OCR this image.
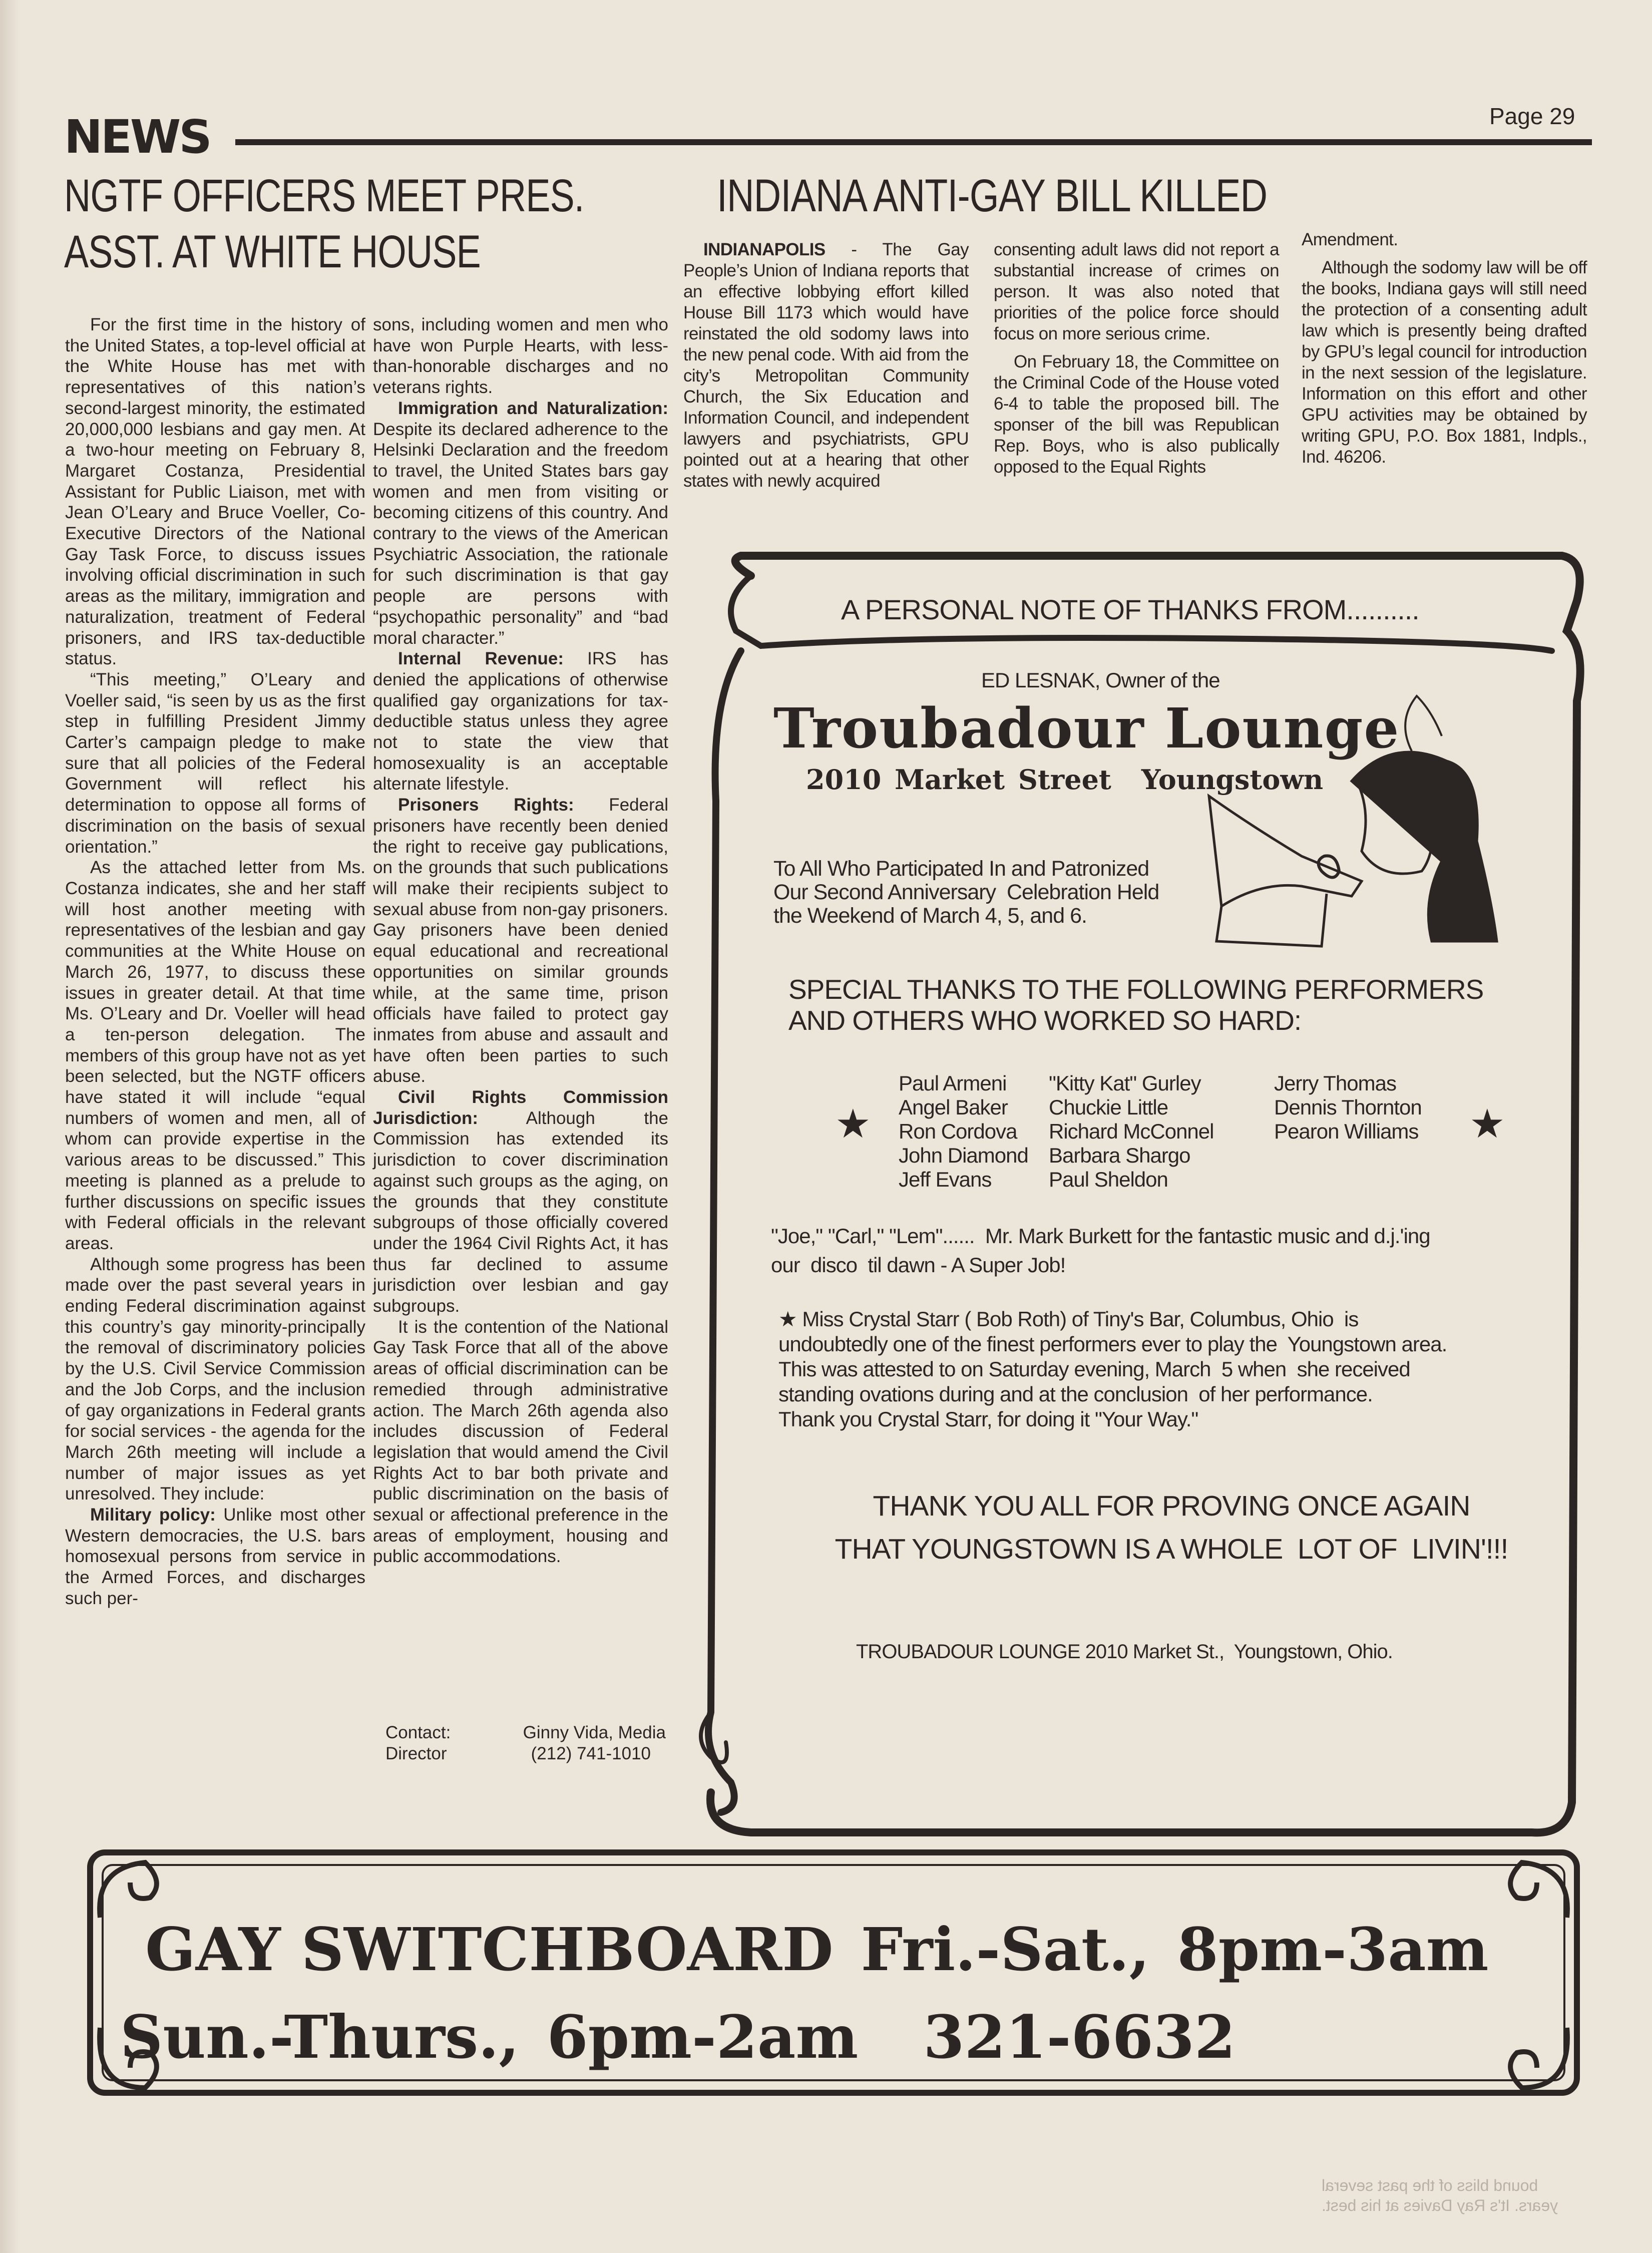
Page 29
NEWS
NGTF OFFICERS MEET PRES.
ASST. AT WHITE HOUSE
INDIANA ANTI-GAY BILL KILLED

For the first time in the history of the United States, a top-level official at the White House has met with representatives of this nation’s second-largest minority, the estimated 20,000,000 lesbians and gay men. At a two-hour meeting on February 8, Margaret Costanza, Presidential Assistant for Public Liaison, met with Jean O’Leary and Bruce Voeller, Co-Executive Directors of the National Gay Task Force, to discuss issues involving official discrimination in such areas as the military, immigration and naturalization, treatment of Federal prisoners, and IRS tax-deductible status.

“This meeting,” O’Leary and Voeller said, “is seen by us as the first step in fulfilling President Jimmy Carter’s campaign pledge to make sure that all policies of the Federal Government will reflect his determination to oppose all forms of discrimination on the basis of sexual orientation.”

As the attached letter from Ms. Costanza indicates, she and her staff will host another meeting with representatives of the lesbian and gay communities at the White House on March 26, 1977, to discuss these issues in greater detail. At that time Ms. O’Leary and Dr. Voeller will head a ten-person delegation. The members of this group have not as yet been selected, but the NGTF officers have stated it will include “equal numbers of women and men, all of whom can provide expertise in the various areas to be discussed.” This meeting is planned as a prelude to further discussions on specific issues with Federal officials in the relevant areas.

Although some progress has been made over the past several years in ending Federal discrimination against this country’s gay minority-principally the removal of discriminatory policies by the U.S. Civil Service Commission and the Job Corps, and the inclusion of gay organizations in Federal grants for social services - the agenda for the March 26th meeting will include a number of major issues as yet unresolved. They include:

Military policy: Unlike most other Western democracies, the U.S. bars homosexual persons from service in the Armed Forces, and discharges such per-

sons, including women and men who have won Purple Hearts, with less-than-honorable discharges and no veterans rights.

Immigration and Naturalization: Despite its declared adherence to the Helsinki Declaration and the freedom to travel, the United States bars gay women and men from visiting or becoming citizens of this country. And contrary to the views of the American Psychiatric Association, the rationale for such discrimination is that gay people are persons with “psychopathic personality” and “bad moral character.”

Internal Revenue: IRS has denied the applications of otherwise qualified gay organizations for tax-deductible status unless they agree not to state the view that homosexuality is an acceptable alternate lifestyle.

Prisoners Rights: Federal prisoners have recently been denied the right to receive gay publications, on the grounds that such publications will make their recipients subject to sexual abuse from non-gay prisoners. Gay prisoners have been denied equal educational and recreational opportunities on similar grounds while, at the same time, prison officials have failed to protect gay inmates from abuse and assault and have often been parties to such abuse.

Civil Rights Commission Jurisdiction: Although the Commission has extended its jurisdiction to cover discrimination against such groups as the aging, on the grounds that they constitute subgroups of those officially covered under the 1964 Civil Rights Act, it has thus far declined to assume jurisdiction over lesbian and gay subgroups.

It is the contention of the National Gay Task Force that all of the above areas of official discrimination can be remedied through administrative action. The March 26th agenda also includes discussion of Federal legislation that would amend the Civil Rights Act to bar both private and public discrimination on the basis of sexual or affectional preference in the areas of employment, housing and public accommodations.

Contact:	Ginny Vida, Media
Director	(212) 741-1010

INDIANAPOLIS - The Gay People’s Union of Indiana reports that an effective lobbying effort killed House Bill 1173 which would have reinstated the old sodomy laws into the new penal code. With aid from the city’s Metropolitan Community Church, the Six Education and Information Council, and independent lawyers and psychiatrists, GPU pointed out at a hearing that other states with newly acquired

consenting adult laws did not report a substantial increase of crimes on person. It was also noted that priorities of the police force should focus on more serious crime.

On February 18, the Committee on the Criminal Code of the House voted 6-4 to table the proposed bill. The sponser of the bill was Republican Rep. Boys, who is also publically opposed to the Equal Rights

Amendment.

Although the sodomy law will be off the books, Indiana gays will still need the protection of a consenting adult law which is presently being drafted by GPU’s legal council for introduction in the next session of the legislature. Information on this effort and other GPU activities may be obtained by writing GPU, P.O. Box 1881, Indpls., Ind. 46206.

A PERSONAL NOTE OF THANKS FROM..........
ED LESNAK, Owner of the
Troubadour Lounge
2010 Market Street Youngstown
To All Who Participated In and Patronized
Our Second Anniversary  Celebration Held
the Weekend of March 4, 5, and 6.
SPECIAL THANKS TO THE FOLLOWING PERFORMERS
AND OTHERS WHO WORKED SO HARD:
Paul Armeni
Angel Baker
Ron Cordova
John Diamond
Jeff Evans
"Kitty Kat" Gurley
Chuckie Little
Richard McConnel
Barbara Shargo
Paul Sheldon
Jerry Thomas
Dennis Thornton
Pearon Williams
★	★
"Joe," "Carl," "Lem"......  Mr. Mark Burkett for the fantastic music and d.j.'ing
our  disco  til dawn - A Super Job!
★ Miss Crystal Starr ( Bob Roth) of Tiny's Bar, Columbus, Ohio  is
undoubtedly one of the finest performers ever to play the  Youngstown area.
This was attested to on Saturday evening, March  5 when  she received
standing ovations during and at the conclusion  of her performance.
Thank you Crystal Starr, for doing it "Your Way."
THANK YOU ALL FOR PROVING ONCE AGAIN
THAT YOUNGSTOWN IS A WHOLE  LOT OF  LIVIN'!!!
TROUBADOUR LOUNGE 2010 Market St.,  Youngstown, Ohio.
GAY SWITCHBOARD Fri.-Sat., 8pm-3am
Sun.-Thurs., 6pm-2am 321-6632
bound bliss of the past several
years. It's Ray Davies at his best.
